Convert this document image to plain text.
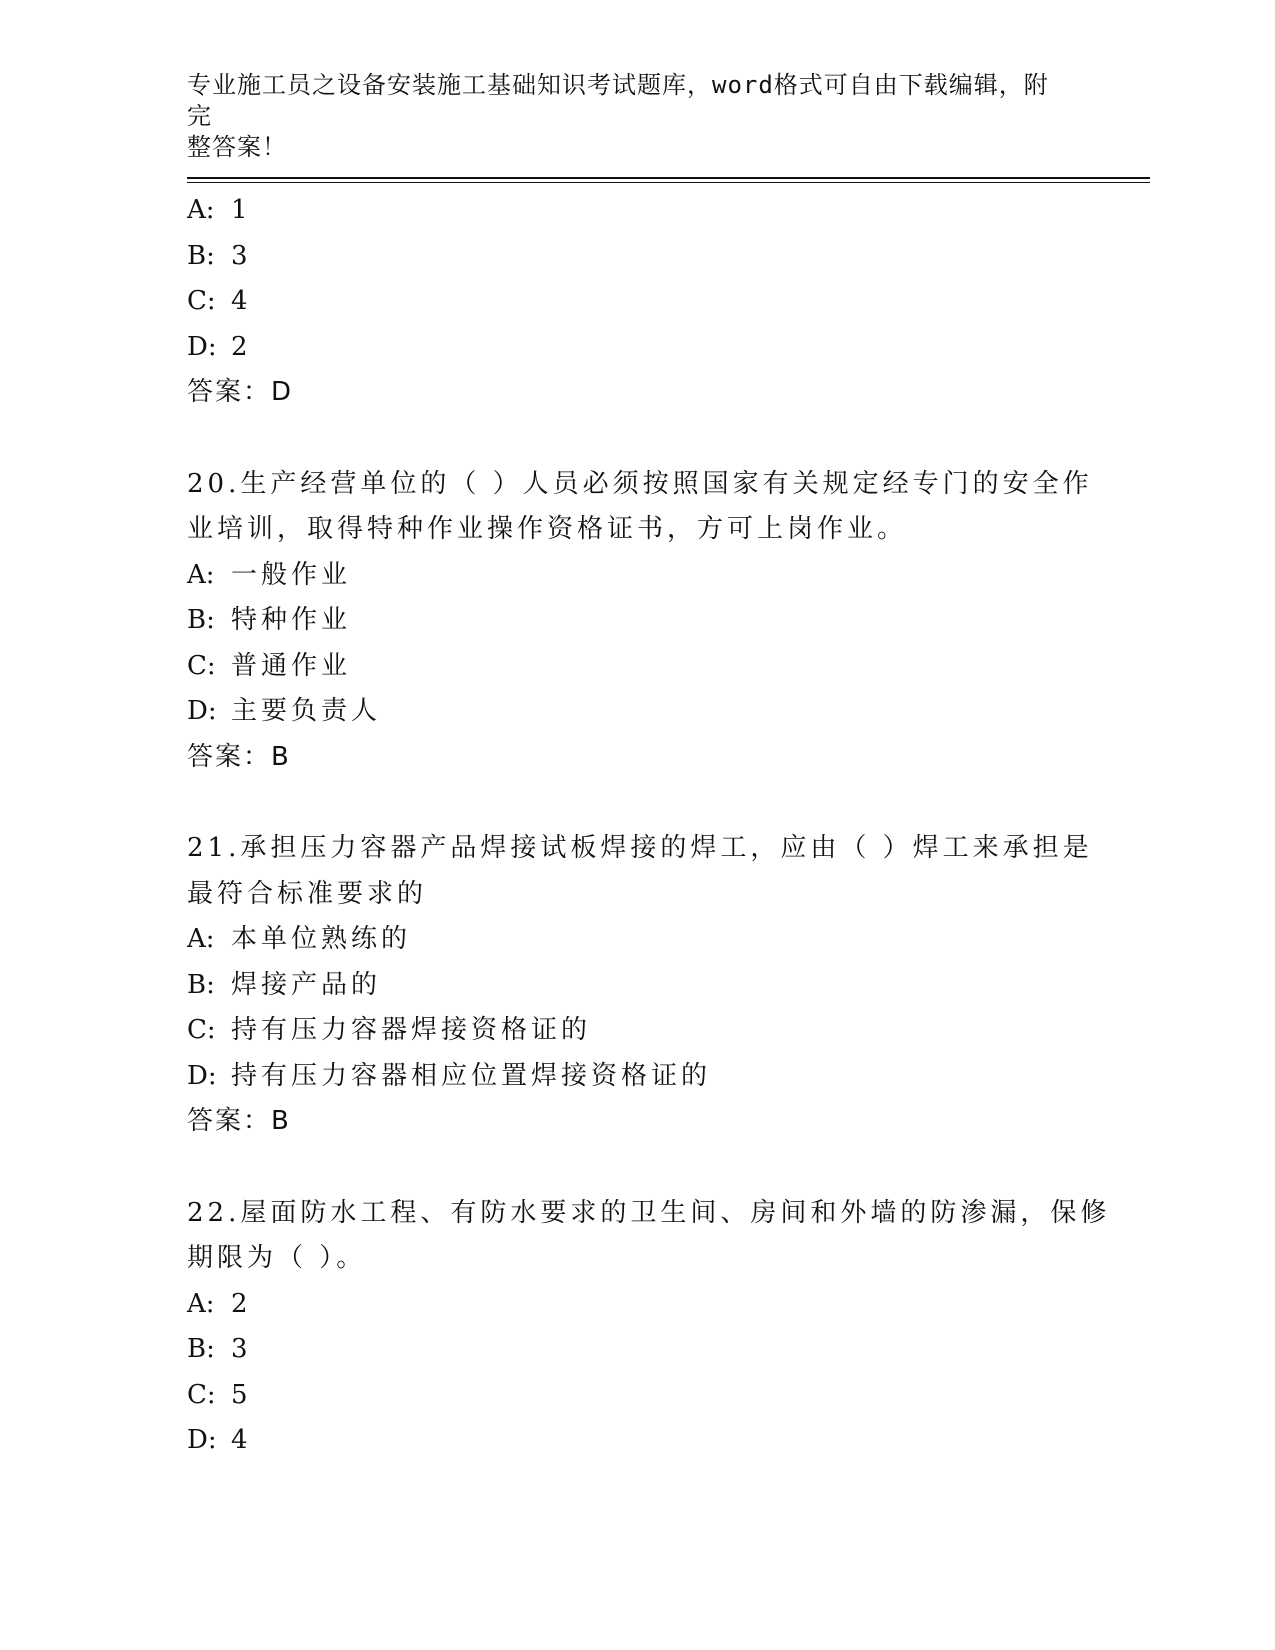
专业施工员之设备安装施工基础知识考试题库，word格式可自由下载编辑，附完
整答案！
A: 1
B: 3
C: 4
D: 2
答案：D
20.生产经营单位的（ ）人员必须按照国家有关规定经专门的安全作
业培训，取得特种作业操作资格证书，方可上岗作业。
A: 一般作业
B: 特种作业
C: 普通作业
D: 主要负责人
答案：B
21.承担压力容器产品焊接试板焊接的焊工，应由（ ）焊工来承担是
最符合标准要求的
A: 本单位熟练的
B: 焊接产品的
C: 持有压力容器焊接资格证的
D: 持有压力容器相应位置焊接资格证的
答案：B
22.屋面防水工程、有防水要求的卫生间、房间和外墙的防渗漏，保修
期限为（ ）。
A: 2
B: 3
C: 5
D: 4
